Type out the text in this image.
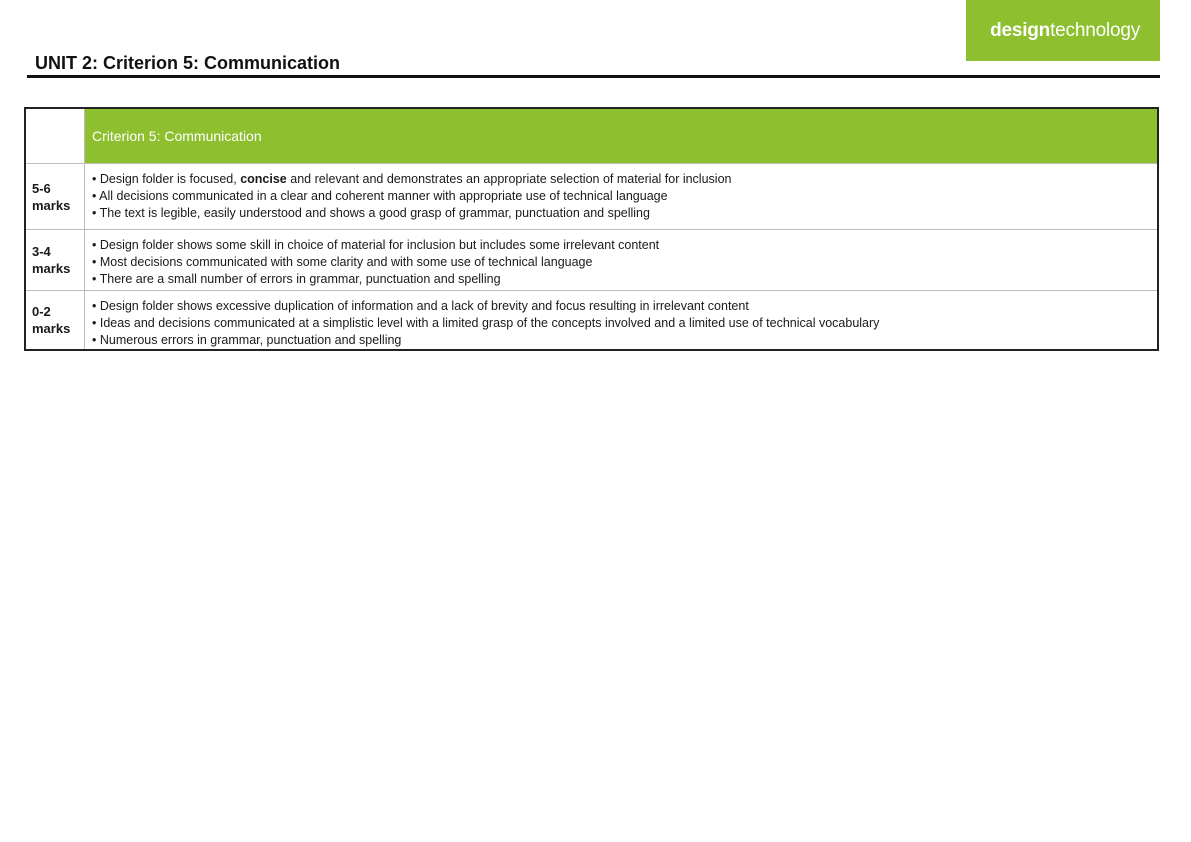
design technology
UNIT 2: Criterion 5: Communication
Criterion 5: Communication
5-6
marks
• Design folder is focused, concise and relevant and demonstrates an appropriate selection of material for inclusion
• All decisions communicated in a clear and coherent manner with appropriate use of technical language
• The text is legible, easily understood and shows a good grasp of grammar, punctuation and spelling
3-4
marks
• Design folder shows some skill in choice of material for inclusion but includes some irrelevant content
• Most decisions communicated with some clarity and with some use of technical language
• There are a small number of errors in grammar, punctuation and spelling
0-2
marks
• Design folder shows excessive duplication of information and a lack of brevity and focus resulting in irrelevant content
• Ideas and decisions communicated at a simplistic level with a limited grasp of the concepts involved and a limited use of technical vocabulary
• Numerous errors in grammar, punctuation and spelling
